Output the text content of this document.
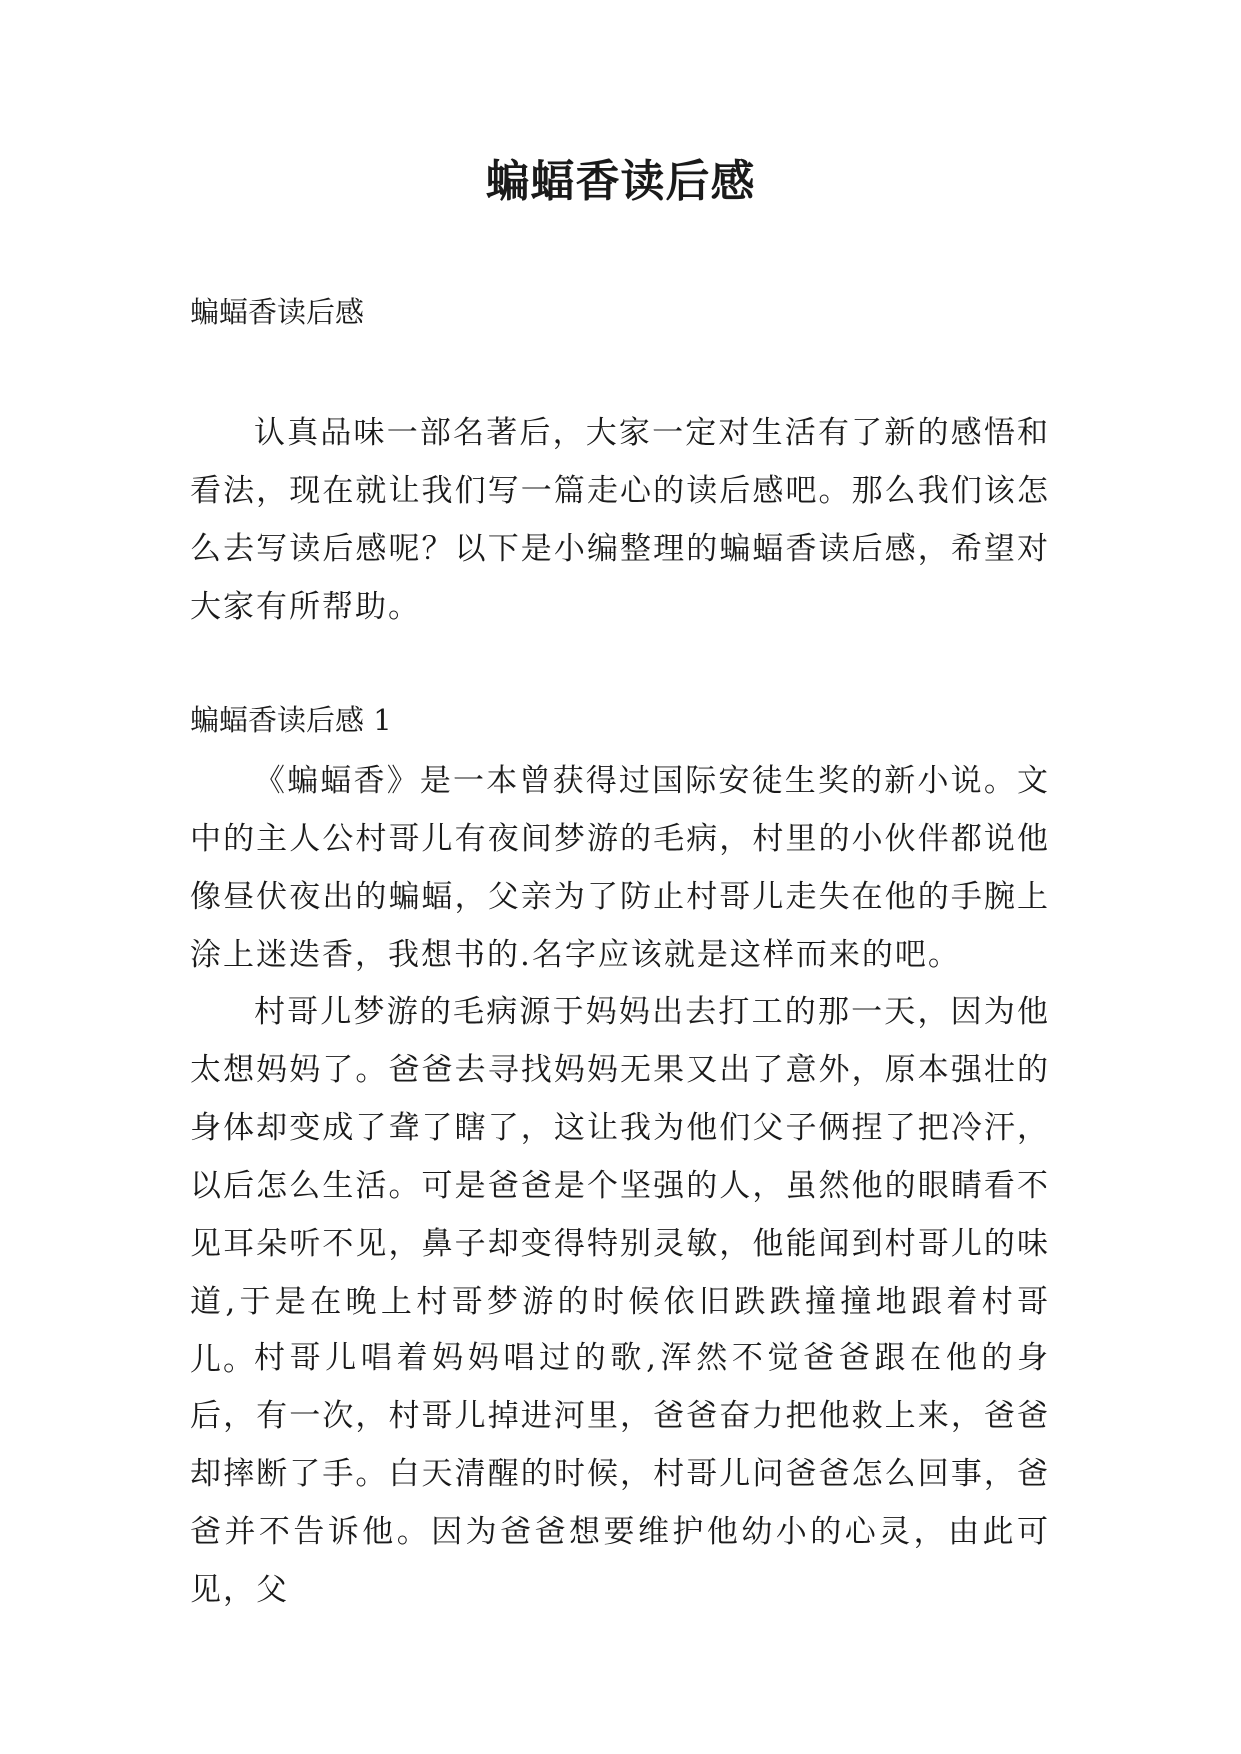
蝙蝠香读后感
蝙蝠香读后感

认真品味一部名著后，大家一定对生活有了新的感悟和看法，现在就让我们写一篇走心的读后感吧。那么我们该怎么去写读后感呢？以下是小编整理的蝙蝠香读后感，希望对大家有所帮助。

蝙蝠香读后感 1

《蝙蝠香》是一本曾获得过国际安徒生奖的新小说。文中的主人公村哥儿有夜间梦游的毛病，村里的小伙伴都说他像昼伏夜出的蝙蝠，父亲为了防止村哥儿走失在他的手腕上涂上迷迭香，我想书的.名字应该就是这样而来的吧。

村哥儿梦游的毛病源于妈妈出去打工的那一天，因为他太想妈妈了。爸爸去寻找妈妈无果又出了意外，原本强壮的身体却变成了聋了瞎了，这让我为他们父子俩捏了把冷汗，以后怎么生活。可是爸爸是个坚强的人，虽然他的眼睛看不见耳朵听不见，鼻子却变得特别灵敏，他能闻到村哥儿的味道,于是在晚上村哥梦游的时候依旧跌跌撞撞地跟着村哥儿。

村哥儿唱着妈妈唱过的歌,浑然不觉爸爸跟在他的身后，有一次，村哥儿掉进河里，爸爸奋力把他救上来，爸爸却摔断了手。白天清醒的时候，村哥儿问爸爸怎么回事，爸爸并不告诉他。因为爸爸想要维护他幼小的心灵，由此可见，父
